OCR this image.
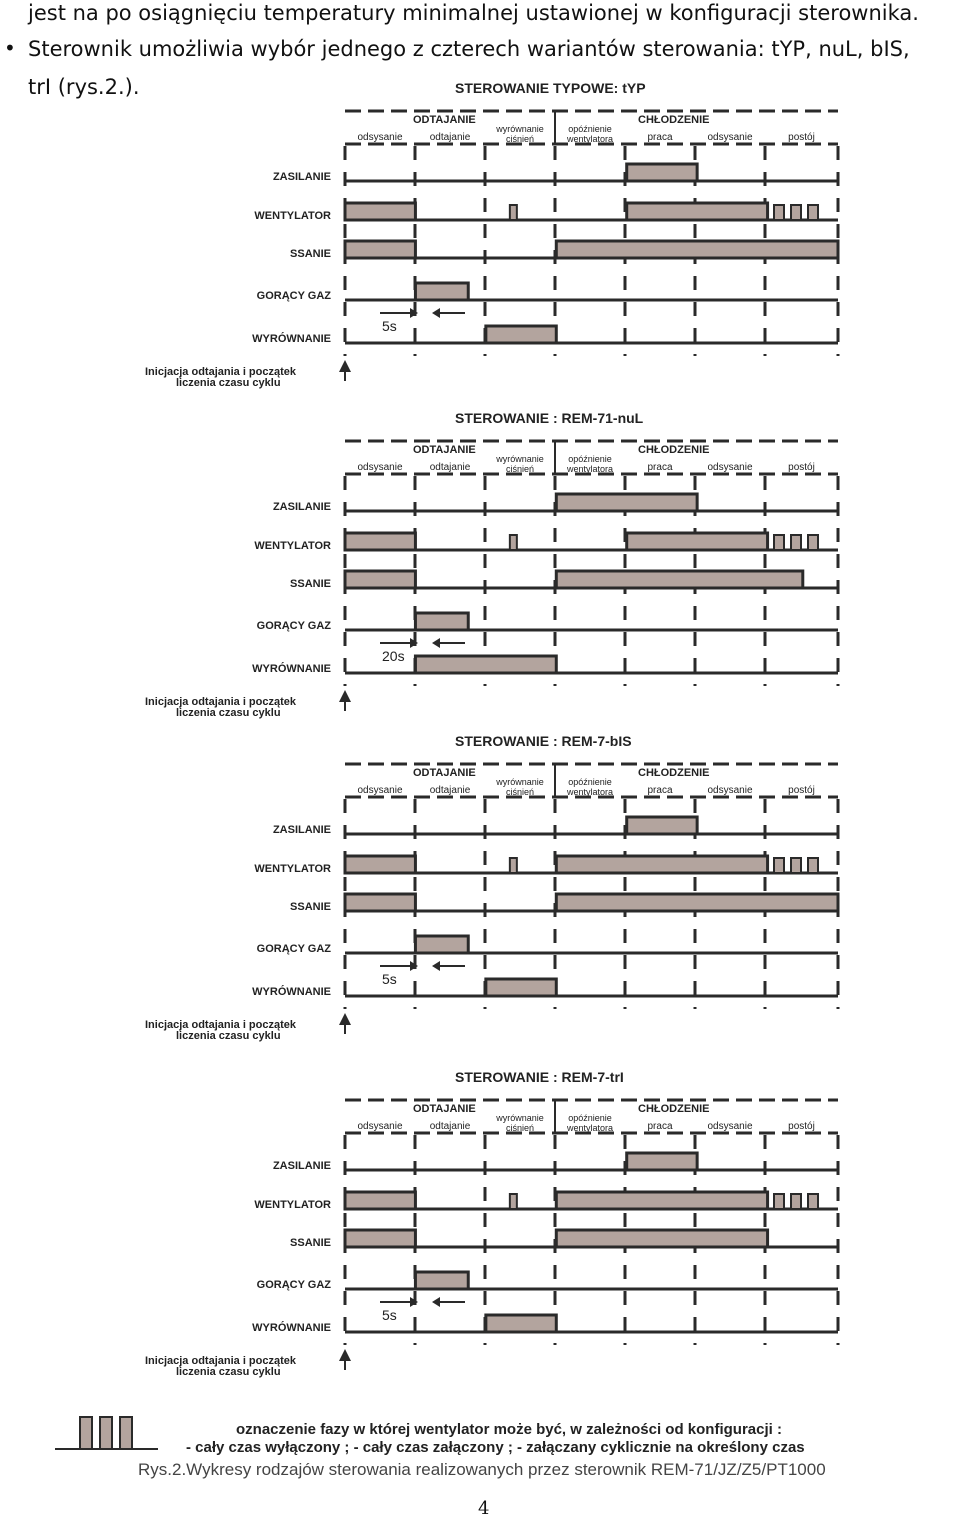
jest na po osiągnięciu temperatury minimalnej ustawionej w konfiguracji sterownika.
• Sterownik umożliwia wybór jednego z czterech wariantów sterowania: tYP, nuL, bIS,
trI (rys.2.).	STEROWANIE TYPOWE: tYP
ODTAJANIE	CHŁODZENIE
odsysanie	odtajanie
wyrównanie
ciśnień
opóźnienie
wentylatora	praca	odsysanie	postój
ZASILANIE
WENTYLATOR
SSANIE
GORĄCY GAZ
WYRÓWNANIE
5s
Inicjacja odtajania i początek
liczenia czasu cyklu
STEROWANIE : REM-71-nuL
ODTAJANIE	CHŁODZENIE
odsysanie	odtajanie
wyrównanie
ciśnień
opóźnienie
wentylatora	praca	odsysanie	postój
ZASILANIE
WENTYLATOR
SSANIE
GORĄCY GAZ
WYRÓWNANIE
20s
Inicjacja odtajania i początek
liczenia czasu cyklu
STEROWANIE : REM-7-bIS
ODTAJANIE	CHŁODZENIE
odsysanie	odtajanie
wyrównanie
ciśnień
opóźnienie
wentylatora	praca	odsysanie	postój
ZASILANIE
WENTYLATOR
SSANIE
GORĄCY GAZ
WYRÓWNANIE
5s
Inicjacja odtajania i początek
liczenia czasu cyklu
STEROWANIE : REM-7-trI
ODTAJANIE	CHŁODZENIE
odsysanie	odtajanie
wyrównanie
ciśnień
opóźnienie
wentylatora	praca	odsysanie	postój
ZASILANIE
WENTYLATOR
SSANIE
GORĄCY GAZ
WYRÓWNANIE
5s
Inicjacja odtajania i początek
liczenia czasu cyklu
oznaczenie fazy w której wentylator może być, w zależności od konfiguracji :
- cały czas wyłączony ; - cały czas załączony ; - załączany cyklicznie na określony czas
Rys.2.Wykresy rodzajów sterowania realizowanych przez sterownik REM-71/JZ/Z5/PT1000
4
